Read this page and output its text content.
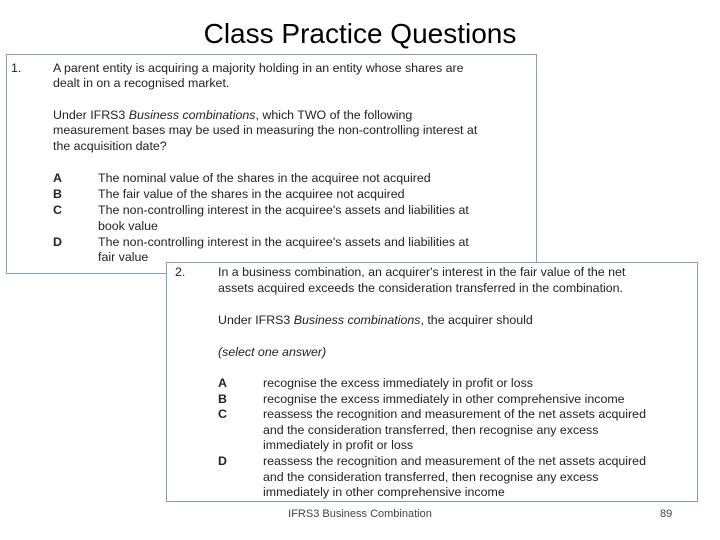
Class Practice Questions
1.	A parent entity is acquiring a majority holding in an entity whose shares are
dealt in on a recognised market.
Under IFRS3 Business combinations, which TWO of the following
measurement bases may be used in measuring the non-controlling interest at
the acquisition date?
A	The nominal value of the shares in the acquiree not acquired
B	The fair value of the shares in the acquiree not acquired
C	The non-controlling interest in the acquiree's assets and liabilities at
book value
D	The non-controlling interest in the acquiree's assets and liabilities at
fair value
2.	In a business combination, an acquirer's interest in the fair value of the net
assets acquired exceeds the consideration transferred in the combination.
Under IFRS3 Business combinations, the acquirer should
(select one answer)
A	recognise the excess immediately in profit or loss
B	recognise the excess immediately in other comprehensive income
C	reassess the recognition and measurement of the net assets acquired
and the consideration transferred, then recognise any excess
immediately in profit or loss
D	reassess the recognition and measurement of the net assets acquired
and the consideration transferred, then recognise any excess
immediately in other comprehensive income
IFRS3 Business Combination	89
